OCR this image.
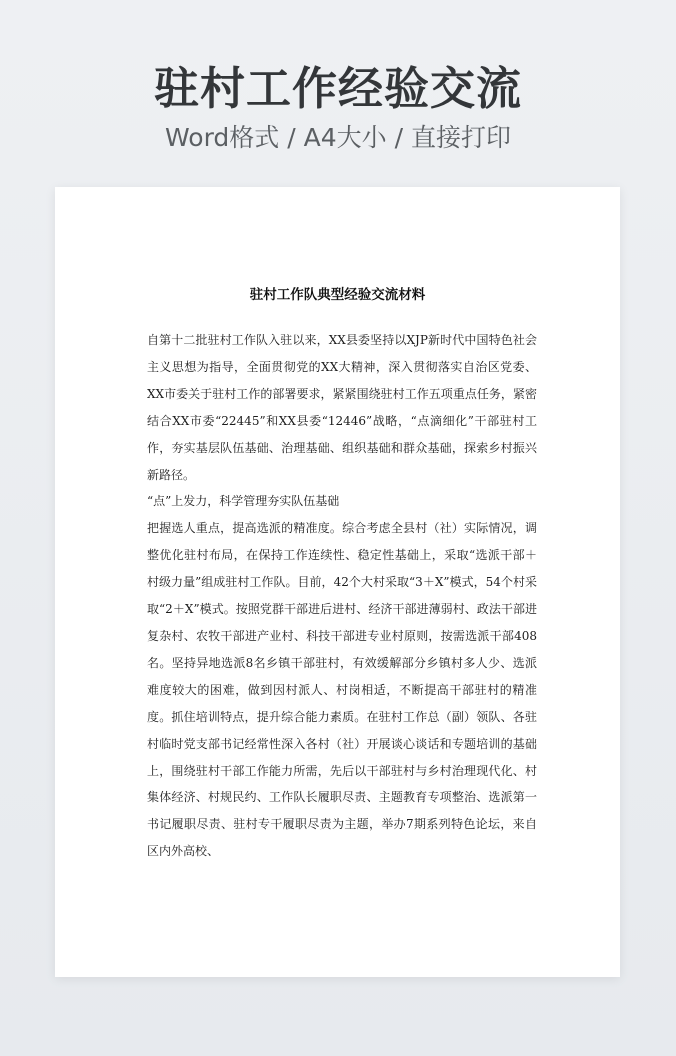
驻村工作经验交流
Word格式 / A4大小 / 直接打印
驻村工作队典型经验交流材料

自第十二批驻村工作队入驻以来，XX县委坚持以XJP新时代中国特色社会主义思想为指导，全面贯彻党的XX大精神，深入贯彻落实自治区党委、XX市委关于驻村工作的部署要求，紧紧围绕驻村工作五项重点任务，紧密结合XX市委“22445”和XX县委“12446”战略，“点滴细化”干部驻村工作，夯实基层队伍基础、治理基础、组织基础和群众基础，探索乡村振兴新路径。

“点”上发力，科学管理夯实队伍基础

把握选人重点，提高选派的精准度。综合考虑全县村（社）实际情况，调整优化驻村布局，在保持工作连续性、稳定性基础上，采取“选派干部＋村级力量”组成驻村工作队。目前，42个大村采取“3＋X”模式，54个村采取“2＋X”模式。按照党群干部进后进村、经济干部进薄弱村、政法干部进复杂村、农牧干部进产业村、科技干部进专业村原则，按需选派干部408名。坚持异地选派8名乡镇干部驻村，有效缓解部分乡镇村多人少、选派难度较大的困难，做到因村派人、村岗相适，不断提高干部驻村的精准度。抓住培训特点，提升综合能力素质。在驻村工作总（副）领队、各驻村临时党支部书记经常性深入各村（社）开展谈心谈话和专题培训的基础上，围绕驻村干部工作能力所需，先后以干部驻村与乡村治理现代化、村集体经济、村规民约、工作队长履职尽责、主题教育专项整治、选派第一书记履职尽责、驻村专干履职尽责为主题，举办7期系列特色论坛，来自区内外高校、
